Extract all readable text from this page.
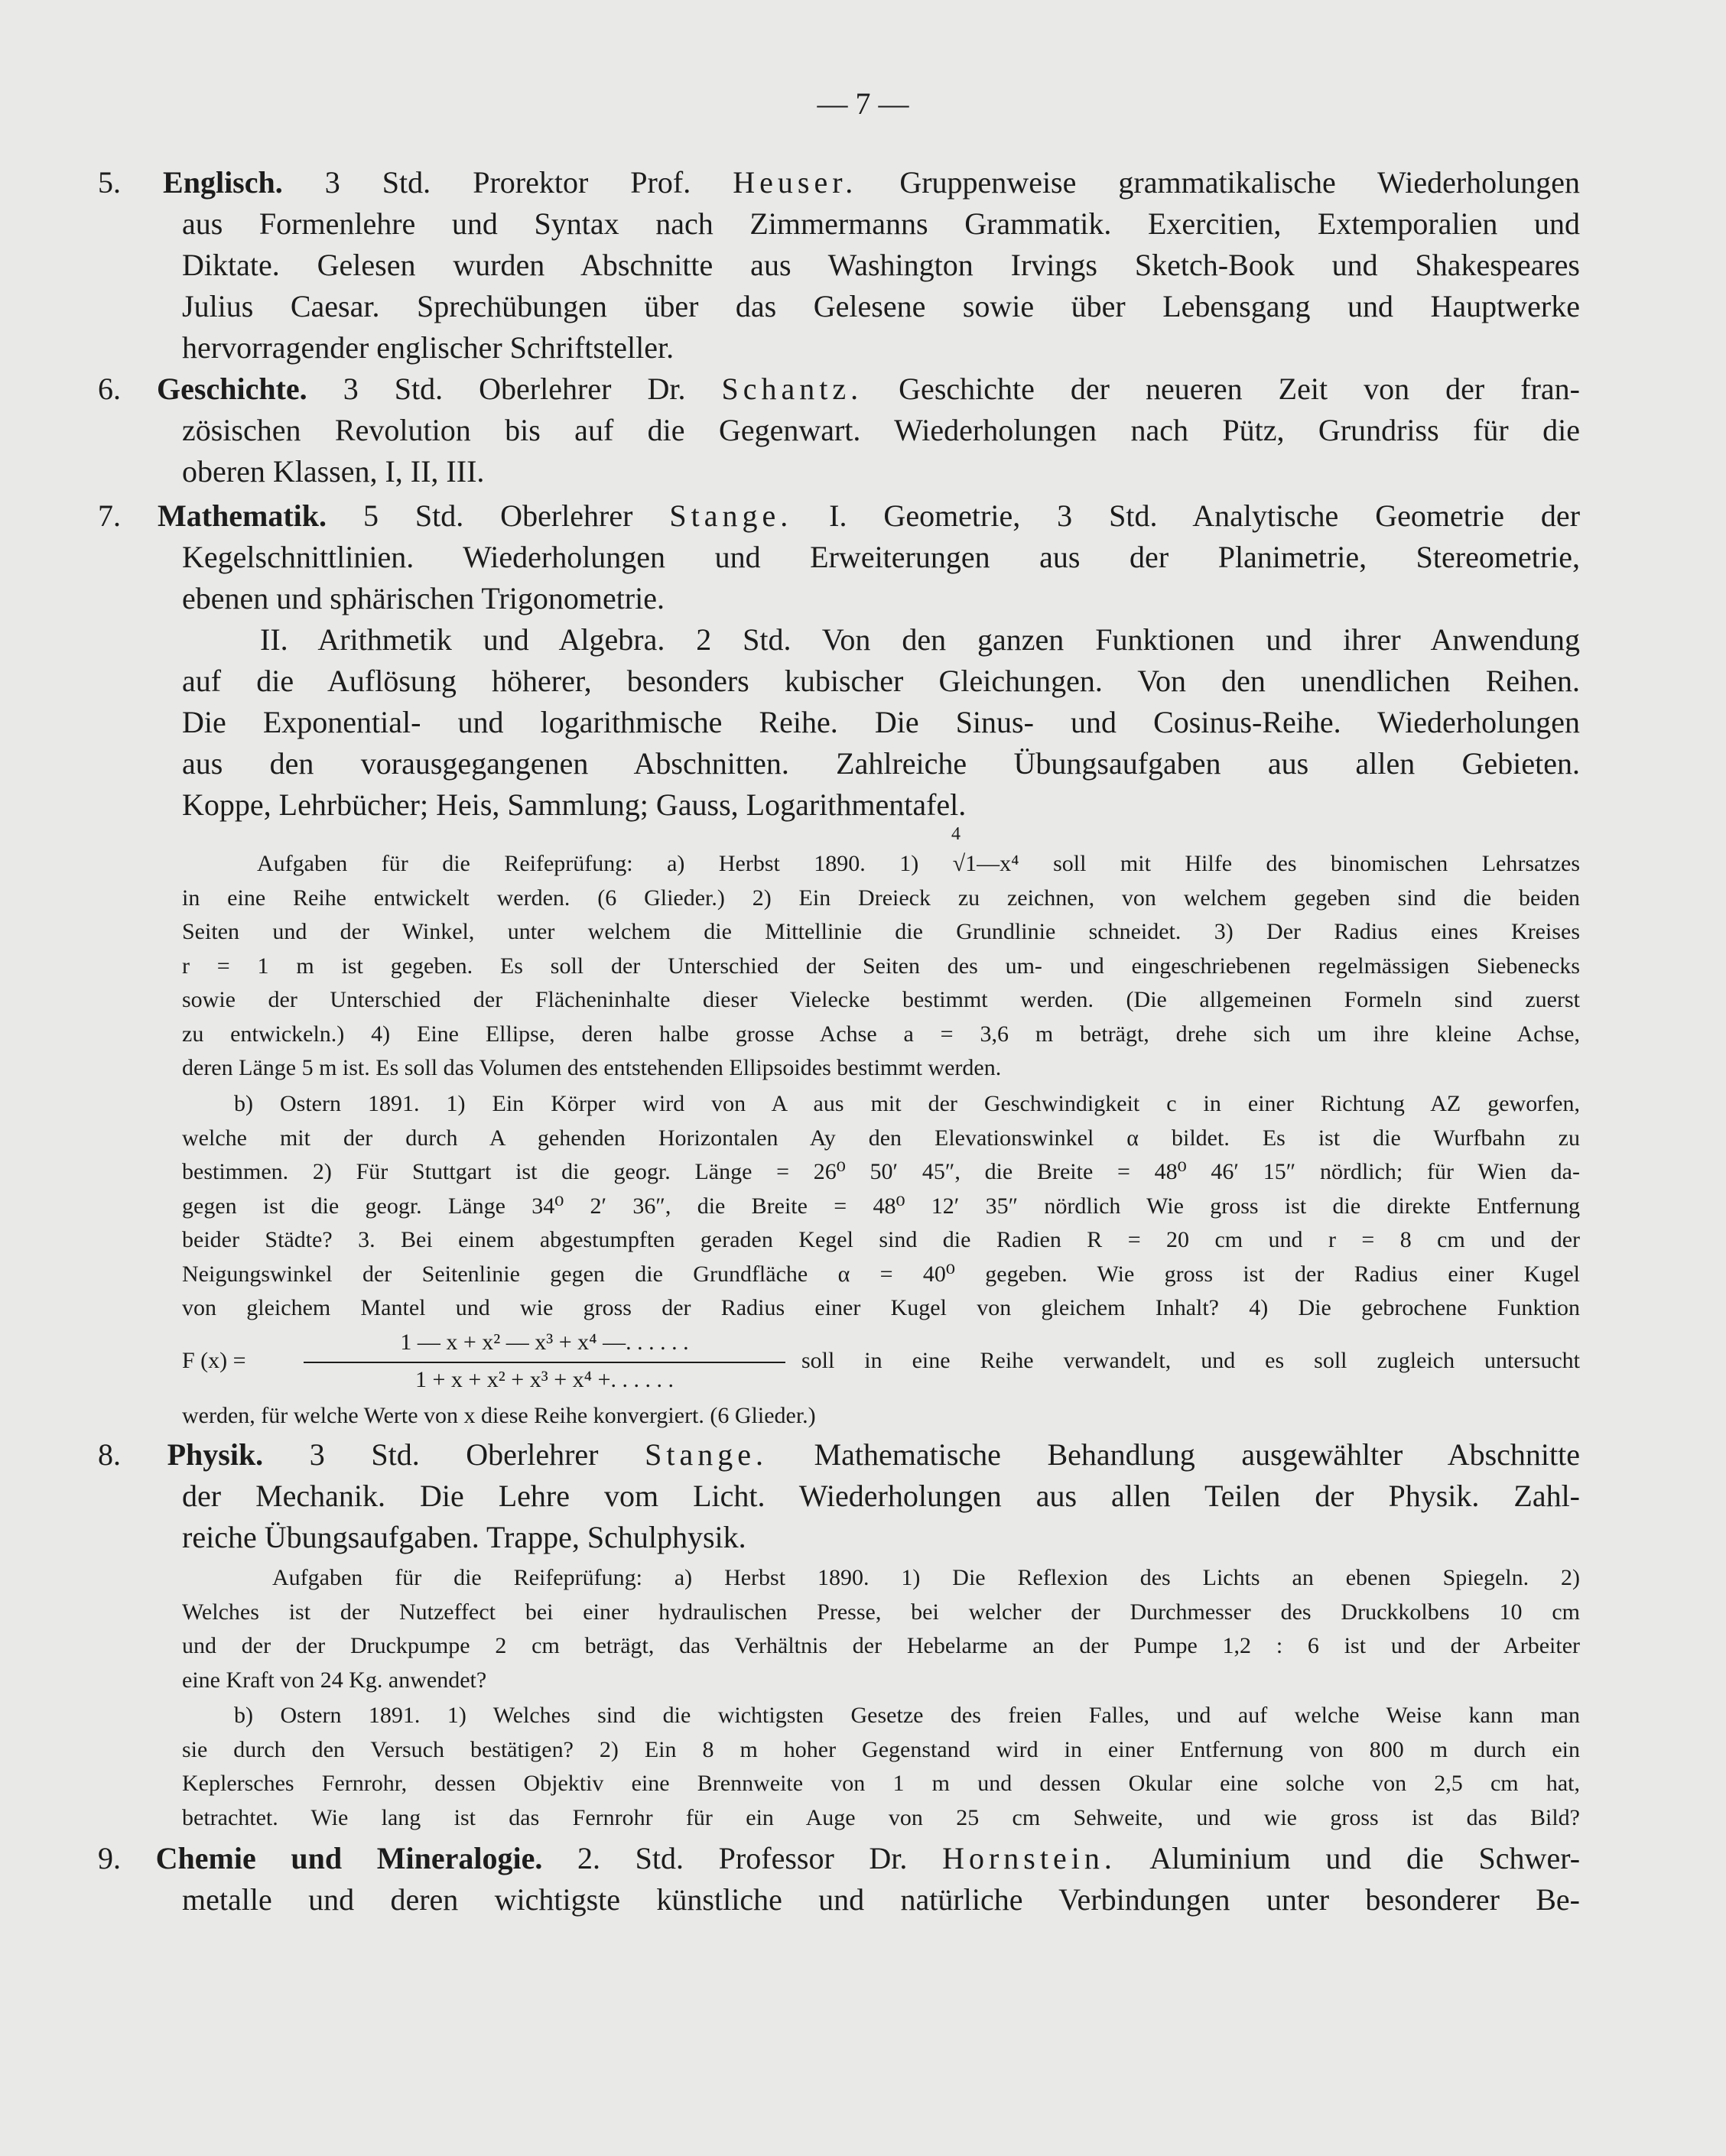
— 7 —
5. Englisch. 3 Std. Prorektor Prof. Heuser. Gruppenweise grammatikalische Wiederholungen
aus Formenlehre und Syntax nach Zimmermanns Grammatik. Exercitien, Extemporalien und
Diktate. Gelesen wurden Abschnitte aus Washington Irvings Sketch-Book und Shakespeares
Julius Caesar. Sprechübungen über das Gelesene sowie über Lebensgang und Hauptwerke
hervorragender englischer Schriftsteller.
6. Geschichte. 3 Std. Oberlehrer Dr. Schantz. Geschichte der neueren Zeit von der fran-
zösischen Revolution bis auf die Gegenwart. Wiederholungen nach Pütz, Grundriss für die
oberen Klassen, I, II, III.
7. Mathematik. 5 Std. Oberlehrer Stange. I. Geometrie, 3 Std. Analytische Geometrie der
Kegelschnittlinien. Wiederholungen und Erweiterungen aus der Planimetrie, Stereometrie,
ebenen und sphärischen Trigonometrie.
II. Arithmetik und Algebra. 2 Std. Von den ganzen Funktionen und ihrer Anwendung
auf die Auflösung höherer, besonders kubischer Gleichungen. Von den unendlichen Reihen.
Die Exponential- und logarithmische Reihe. Die Sinus- und Cosinus-Reihe. Wiederholungen
aus den vorausgegangenen Abschnitten. Zahlreiche Übungsaufgaben aus allen Gebieten.
Koppe, Lehrbücher; Heis, Sammlung; Gauss, Logarithmentafel.
4
Aufgaben für die Reifeprüfung: a) Herbst 1890. 1) √1—x⁴ soll mit Hilfe des binomischen Lehrsatzes
in eine Reihe entwickelt werden. (6 Glieder.) 2) Ein Dreieck zu zeichnen, von welchem gegeben sind die beiden
Seiten und der Winkel, unter welchem die Mittellinie die Grundlinie schneidet. 3) Der Radius eines Kreises
r = 1 m ist gegeben. Es soll der Unterschied der Seiten des um- und eingeschriebenen regelmässigen Siebenecks
sowie der Unterschied der Flächeninhalte dieser Vielecke bestimmt werden. (Die allgemeinen Formeln sind zuerst
zu entwickeln.) 4) Eine Ellipse, deren halbe grosse Achse a = 3,6 m beträgt, drehe sich um ihre kleine Achse,
deren Länge 5 m ist. Es soll das Volumen des entstehenden Ellipsoides bestimmt werden.
b) Ostern 1891. 1) Ein Körper wird von A aus mit der Geschwindigkeit c in einer Richtung AZ geworfen,
welche mit der durch A gehenden Horizontalen Ay den Elevationswinkel α bildet. Es ist die Wurfbahn zu
bestimmen. 2) Für Stuttgart ist die geogr. Länge = 26⁰ 50′ 45″, die Breite = 48⁰ 46′ 15″ nördlich; für Wien da-
gegen ist die geogr. Länge 34⁰ 2′ 36″, die Breite = 48⁰ 12′ 35″ nördlich Wie gross ist die direkte Entfernung
beider Städte? 3. Bei einem abgestumpften geraden Kegel sind die Radien R = 20 cm und r = 8 cm und der
Neigungswinkel der Seitenlinie gegen die Grundfläche α = 40⁰ gegeben. Wie gross ist der Radius einer Kugel
von gleichem Mantel und wie gross der Radius einer Kugel von gleichem Inhalt? 4) Die gebrochene Funktion
F (x) =
1 — x + x² — x³ + x⁴ —. . . . . .
1 + x + x² + x³ + x⁴ +. . . . . .
soll in eine Reihe verwandelt, und es soll zugleich untersucht
werden, für welche Werte von x diese Reihe konvergiert. (6 Glieder.)
8. Physik. 3 Std. Oberlehrer Stange. Mathematische Behandlung ausgewählter Abschnitte
der Mechanik. Die Lehre vom Licht. Wiederholungen aus allen Teilen der Physik. Zahl-
reiche Übungsaufgaben. Trappe, Schulphysik.
Aufgaben für die Reifeprüfung: a) Herbst 1890. 1) Die Reflexion des Lichts an ebenen Spiegeln. 2)
Welches ist der Nutzeffect bei einer hydraulischen Presse, bei welcher der Durchmesser des Druckkolbens 10 cm
und der der Druckpumpe 2 cm beträgt, das Verhältnis der Hebelarme an der Pumpe 1,2 : 6 ist und der Arbeiter
eine Kraft von 24 Kg. anwendet?
b) Ostern 1891. 1) Welches sind die wichtigsten Gesetze des freien Falles, und auf welche Weise kann man
sie durch den Versuch bestätigen? 2) Ein 8 m hoher Gegenstand wird in einer Entfernung von 800 m durch ein
Keplersches Fernrohr, dessen Objektiv eine Brennweite von 1 m und dessen Okular eine solche von 2,5 cm hat,
betrachtet. Wie lang ist das Fernrohr für ein Auge von 25 cm Sehweite, und wie gross ist das Bild?
9. Chemie und Mineralogie. 2. Std. Professor Dr. Hornstein. Aluminium und die Schwer-
metalle und deren wichtigste künstliche und natürliche Verbindungen unter besonderer Be-
